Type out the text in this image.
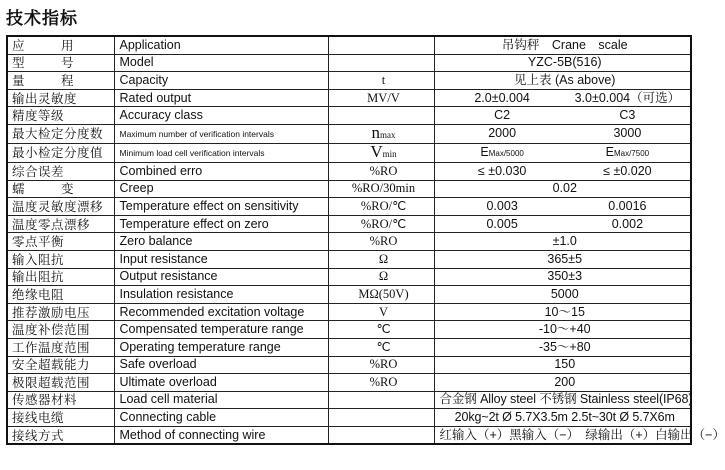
技术指标
应　用	Application		吊钩秤　Crane　scale
型　号	Model		YZC-5B(516)
量　程	Capacity	t	见上表 (As above)
输出灵敏度	Rated output	MV/V	2.0±0.004 3.0±0.004（可选）

精度等级	Accuracy class		C2 C3

最大检定分度数	Maximum number of verification intervals	nmax	2000 3000

最小检定分度值	Minimum load cell verification intervals	Vmin	EMax/5000 EMax/7500

综合误差	Combined erro	%RO	≤ ±0.030 ≤ ±0.020

蠕　变	Creep	%RO/30min	0.02
温度灵敏度漂移	Temperature effect on sensitivity	%RO/℃	0.003 0.0016

温度零点漂移	Temperature effect on zero	%RO/℃	0.005 0.002

零点平衡	Zero balance	%RO	±1.0
输入阻抗	Input resistance	Ω	365±5
输出阻抗	Output resistance	Ω	350±3
绝缘电阻	Insulation resistance	MΩ(50V)	5000
推荐激励电压	Recommended excitation voltage	V	10～15
温度补偿范围	Compensated temperature range	℃	-10～+40
工作温度范围	Operating temperature range	℃	-35～+80
安全超载能力	Safe overload	%RO	150
极限超载范围	Ultimate overload	%RO	200
传感器材料	Load cell material		合金钢 Alloy steel 不锈钢 Stainless steel(IP68)
接线电缆	Connecting cable		20kg~2t Ø 5.7X3.5m 2.5t~30t Ø 5.7X6m
接线方式	Method of connecting wire		红输入（+）黑输入（−）　绿输出（+）白输出（−）
